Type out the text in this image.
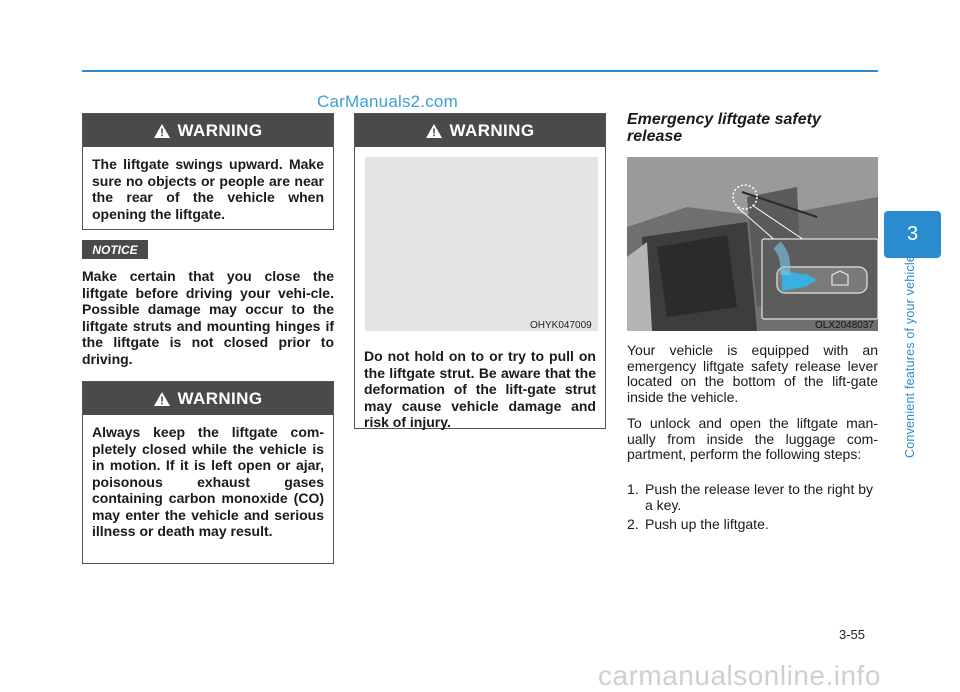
CarManuals2.com
WARNING
The liftgate swings upward. Make sure no objects or people are near the rear of the vehicle when opening the liftgate.
NOTICE
Make certain that you close the liftgate before driving your vehi-cle. Possible damage may occur to the liftgate struts and mounting hinges if the liftgate is not closed prior to driving.
WARNING
Always keep the liftgate com-pletely closed while the vehicle is in motion. If it is left open or ajar, poisonous exhaust gases containing carbon monoxide (CO) may enter the vehicle and serious illness or death may result.
WARNING
Do not hold on to or try to pull on the liftgate strut. Be aware that the deformation of the lift-gate strut may cause vehicle damage and risk of injury.
OHYK047009
Emergency liftgate safety release
OLX2048037
Your vehicle is equipped with an emergency liftgate safety release lever located on the bottom of the lift-gate inside the vehicle.
To unlock and open the liftgate man-ually from inside the luggage com-partment, perform the following steps:
1. Push the release lever to the right by a key.
2. Push up the liftgate.
3
Convenient features of your vehicle
3-55
carmanualsonline.info
